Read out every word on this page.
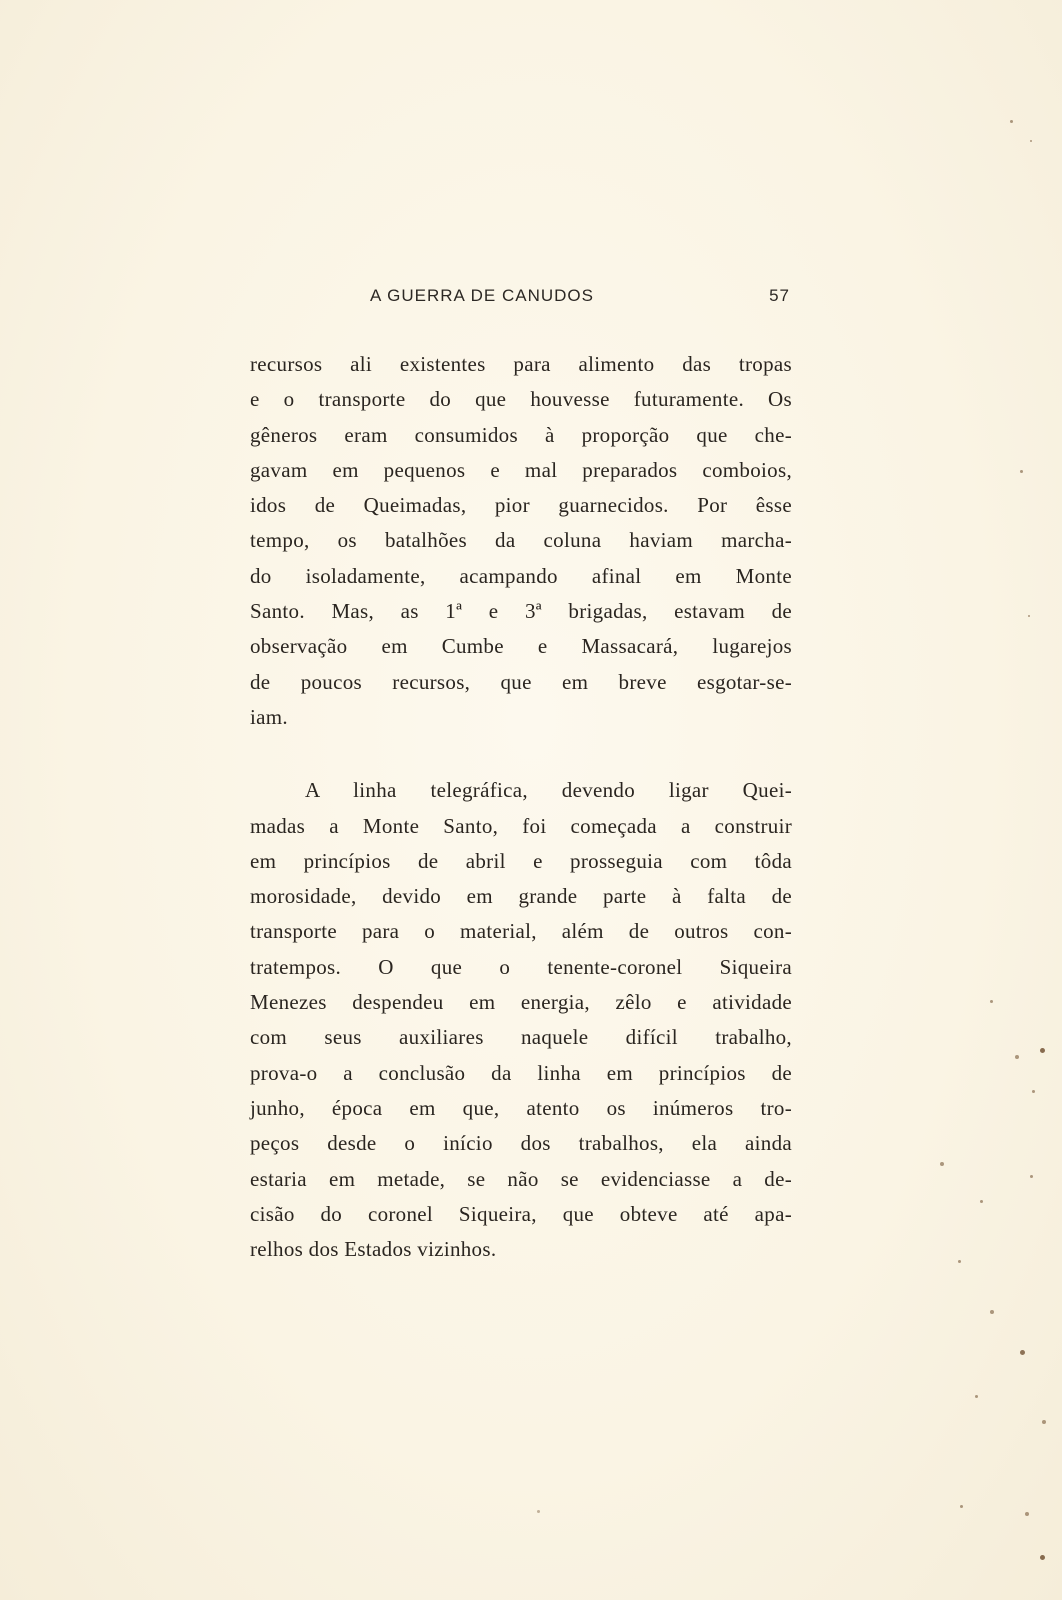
A GUERRA DE CANUDOS	57
recursos ali existentes para alimento das tropas
e o transporte do que houvesse futuramente. Os
gêneros eram consumidos à proporção que che-
gavam em pequenos e mal preparados comboios,
idos de Queimadas, pior guarnecidos. Por êsse
tempo, os batalhões da coluna haviam marcha-
do isoladamente, acampando afinal em Monte
Santo. Mas, as 1ª e 3ª brigadas, estavam de
observação em Cumbe e Massacará, lugarejos
de poucos recursos, que em breve esgotar-se-
iam.
A linha telegráfica, devendo ligar Quei-
madas a Monte Santo, foi começada a construir
em princípios de abril e prosseguia com tôda
morosidade, devido em grande parte à falta de
transporte para o material, além de outros con-
tratempos. O que o tenente-coronel Siqueira
Menezes despendeu em energia, zêlo e atividade
com seus auxiliares naquele difícil trabalho,
prova-o a conclusão da linha em princípios de
junho, época em que, atento os inúmeros tro-
peços desde o início dos trabalhos, ela ainda
estaria em metade, se não se evidenciasse a de-
cisão do coronel Siqueira, que obteve até apa-
relhos dos Estados vizinhos.
